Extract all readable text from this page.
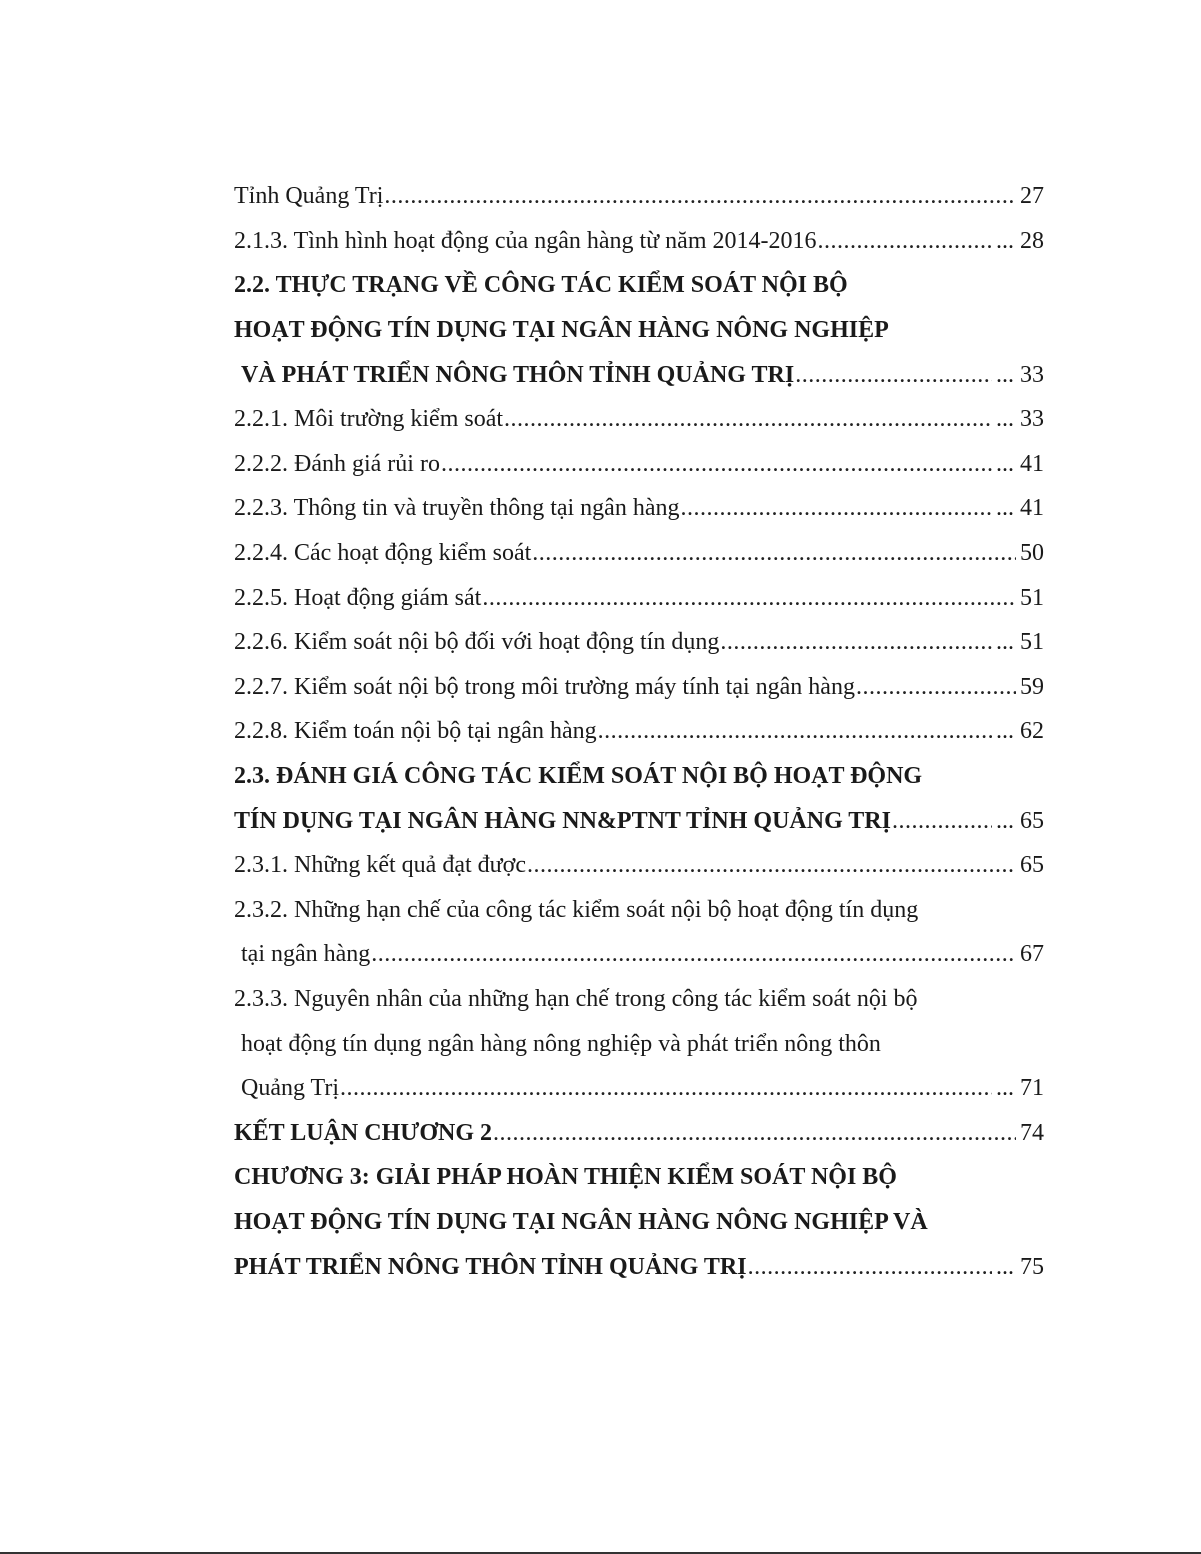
Tỉnh Quảng Trị .....	27
2.1.3. Tình hình hoạt động của ngân hàng từ năm 2014-2016 .....	... 28
2.2. THỰC TRẠNG VỀ CÔNG TÁC KIỂM SOÁT NỘI BỘ
HOẠT ĐỘNG TÍN DỤNG TẠI NGÂN HÀNG NÔNG NGHIỆP
VÀ PHÁT TRIỂN NÔNG THÔN TỈNH QUẢNG TRỊ .....	... 33
2.2.1. Môi trường kiểm soát .....	... 33
2.2.2. Đánh giá rủi ro .....	... 41
2.2.3. Thông tin và truyền thông tại ngân hàng .....	... 41
2.2.4. Các hoạt động kiểm soát .....	50
2.2.5. Hoạt động giám sát .....	51
2.2.6. Kiểm soát nội bộ đối với hoạt động tín dụng .....	... 51
2.2.7. Kiểm soát nội bộ trong môi trường máy tính tại ngân hàng .....	59
2.2.8. Kiểm toán nội bộ tại ngân hàng .....	... 62
2.3. ĐÁNH GIÁ CÔNG TÁC KIỂM SOÁT NỘI BỘ HOẠT ĐỘNG
TÍN DỤNG TẠI NGÂN HÀNG NN&PTNT TỈNH QUẢNG TRỊ .....	... 65
2.3.1. Những kết quả đạt được .....	65
2.3.2. Những hạn chế của công tác kiểm soát nội bộ hoạt động tín dụng
tại ngân hàng .....	67
2.3.3. Nguyên nhân của những hạn chế trong công tác kiểm soát nội bộ
hoạt động tín dụng ngân hàng nông nghiệp và phát triển nông thôn
Quảng Trị .....	... 71
KẾT LUẬN CHƯƠNG 2 .....	74
CHƯƠNG 3: GIẢI PHÁP HOÀN THIỆN KIỂM SOÁT NỘI BỘ
HOẠT ĐỘNG TÍN DỤNG TẠI NGÂN HÀNG NÔNG NGHIỆP VÀ
PHÁT TRIỂN NÔNG THÔN TỈNH QUẢNG TRỊ .....	... 75
